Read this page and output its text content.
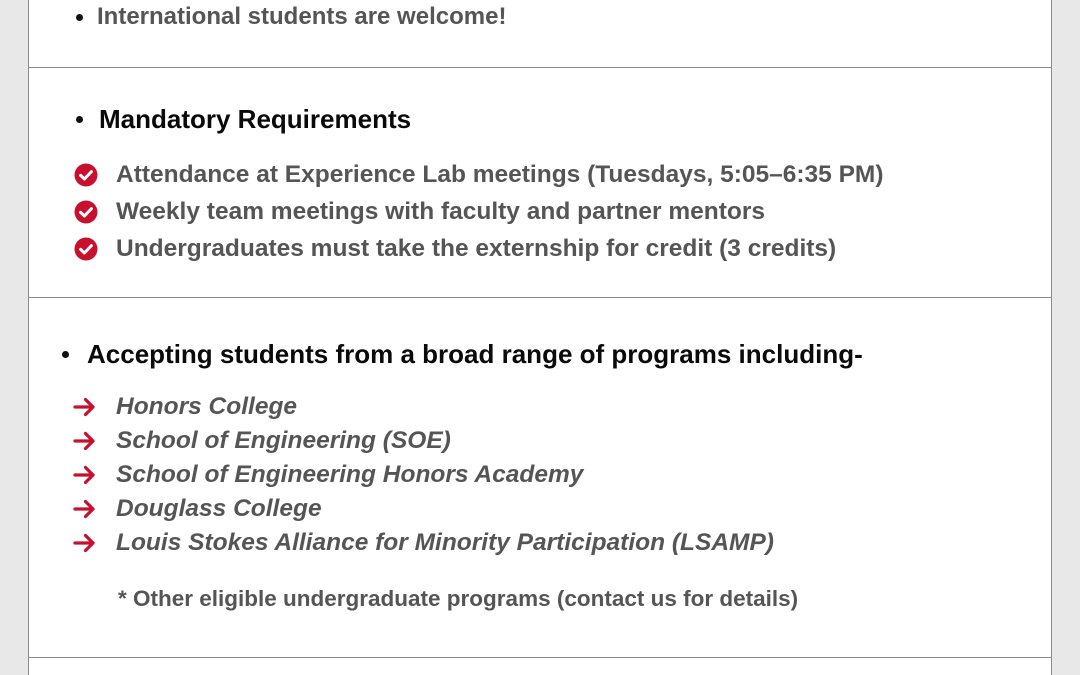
International students are welcome!
Mandatory Requirements
Attendance at Experience Lab meetings (Tuesdays, 5:05–6:35 PM)
Weekly team meetings with faculty and partner mentors
Undergraduates must take the externship for credit (3 credits)
Accepting students from a broad range of programs including-
Honors College
School of Engineering (SOE)
School of Engineering Honors Academy
Douglass College
Louis Stokes Alliance for Minority Participation (LSAMP)
* Other eligible undergraduate programs (contact us for details)
